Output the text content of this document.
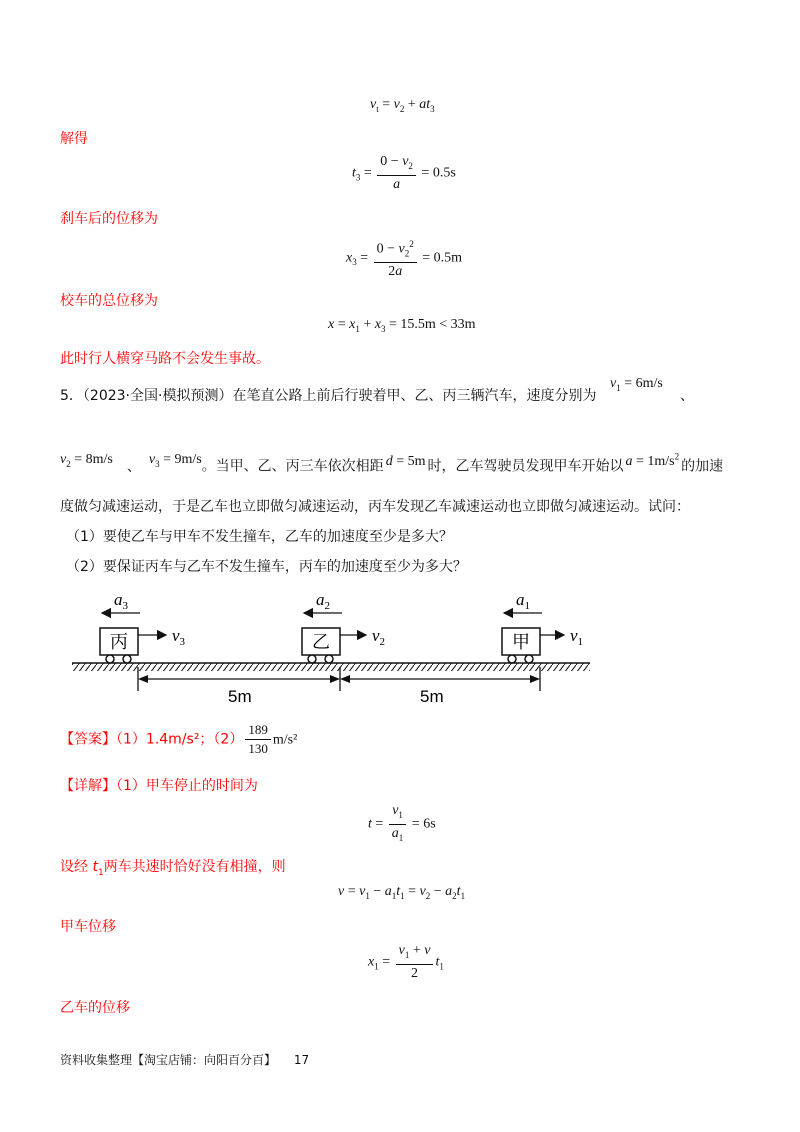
$v_t = v_2 + at_3$
解得
$t_3 = \frac{0 - v_2}{a} = 0.5s$
刹车后的位移为
$x_3 = \frac{0 - v_2^2}{2a} = 0.5m$
校车的总位移为
$x = x_1 + x_3 = 15.5m < 33m$
此时行人横穿马路不会发生事故。
5．（2023·全国·模拟预测）在笔直公路上前后行驶着甲、乙、丙三辆汽车，速度分别为
$v_1 = 6m/s$
、
$v_2 = 8m/s$ 、 $v_3 = 9m/s$。当甲、乙、丙三车依次相距 d = 5m 时，乙车驾驶员发现甲车开始以 $a = 1m/s^2$的加速
度做匀减速运动，于是乙车也立即做匀减速运动，丙车发现乙车减速运动也立即做匀减速运动。试问：
（1）要使乙车与甲车不发生撞车，乙车的加速度至少是多大？
（2）要保证丙车与乙车不发生撞车，丙车的加速度至少为多大？
丙	$v_3$
$a_3$
乙 $v_2$
$a_2$
甲 $v_1$
$a_1$
5m	5m
【答案】（1）1.4m/s²；$(2) \frac{189}{130} m/s^2$
【详解】（1）甲车停止的时间为
$t = \frac{v_1}{a_1} = 6s$
设经 $t_1$两车共速时恰好没有相撞，则
$v = v_1 - a_1t_1 = v_2 - a_2t_1$
甲车位移
$x_1 = \frac{v_1 + v}{2} t_1$
乙车的位移
资料收集整理【淘宝店铺：向阳百分百】 17
